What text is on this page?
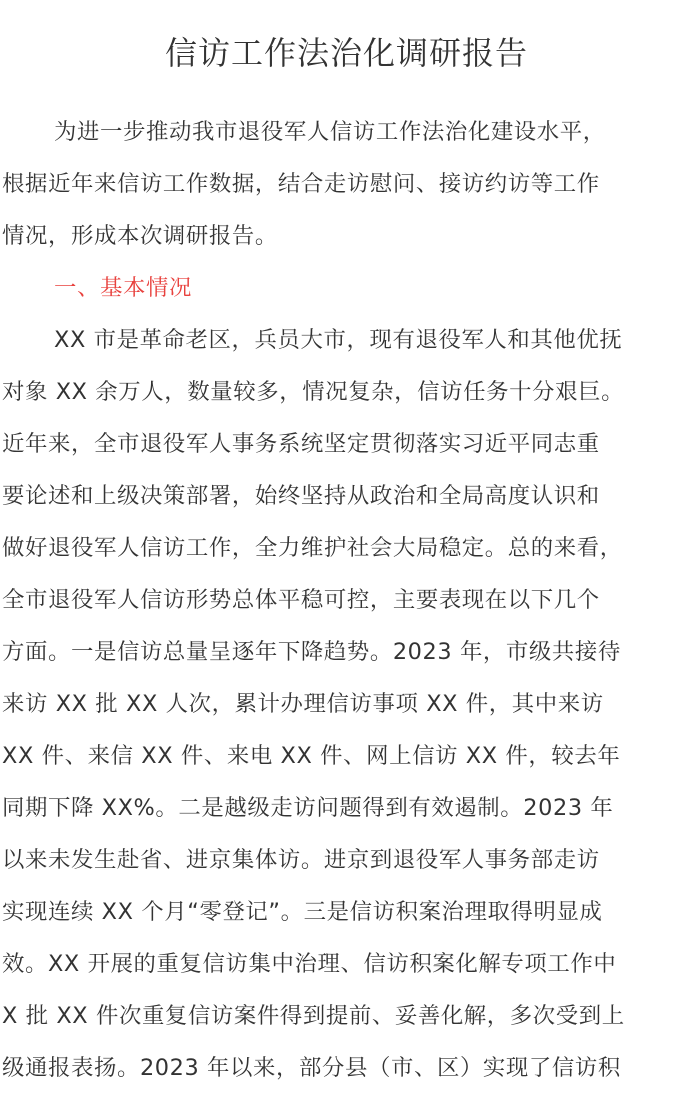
信访工作法治化调研报告
为进一步推动我市退役军人信访工作法治化建设水平，
根据近年来信访工作数据，结合走访慰问、接访约访等工作
情况，形成本次调研报告。
一、基本情况
XX 市是革命老区，兵员大市，现有退役军人和其他优抚
对象 XX 余万人，数量较多，情况复杂，信访任务十分艰巨。
近年来，全市退役军人事务系统坚定贯彻落实习近平同志重
要论述和上级决策部署，始终坚持从政治和全局高度认识和
做好退役军人信访工作，全力维护社会大局稳定。总的来看，
全市退役军人信访形势总体平稳可控，主要表现在以下几个
方面。一是信访总量呈逐年下降趋势。2023 年，市级共接待
来访 XX 批 XX 人次，累计办理信访事项 XX 件，其中来访
XX 件、来信 XX 件、来电 XX 件、网上信访 XX 件，较去年
同期下降 XX%。二是越级走访问题得到有效遏制。2023 年
以来未发生赴省、进京集体访。进京到退役军人事务部走访
实现连续 XX 个月“零登记”。三是信访积案治理取得明显成
效。XX 开展的重复信访集中治理、信访积案化解专项工作中
X 批 XX 件次重复信访案件得到提前、妥善化解，多次受到上
级通报表扬。2023 年以来，部分县（市、区）实现了信访积
